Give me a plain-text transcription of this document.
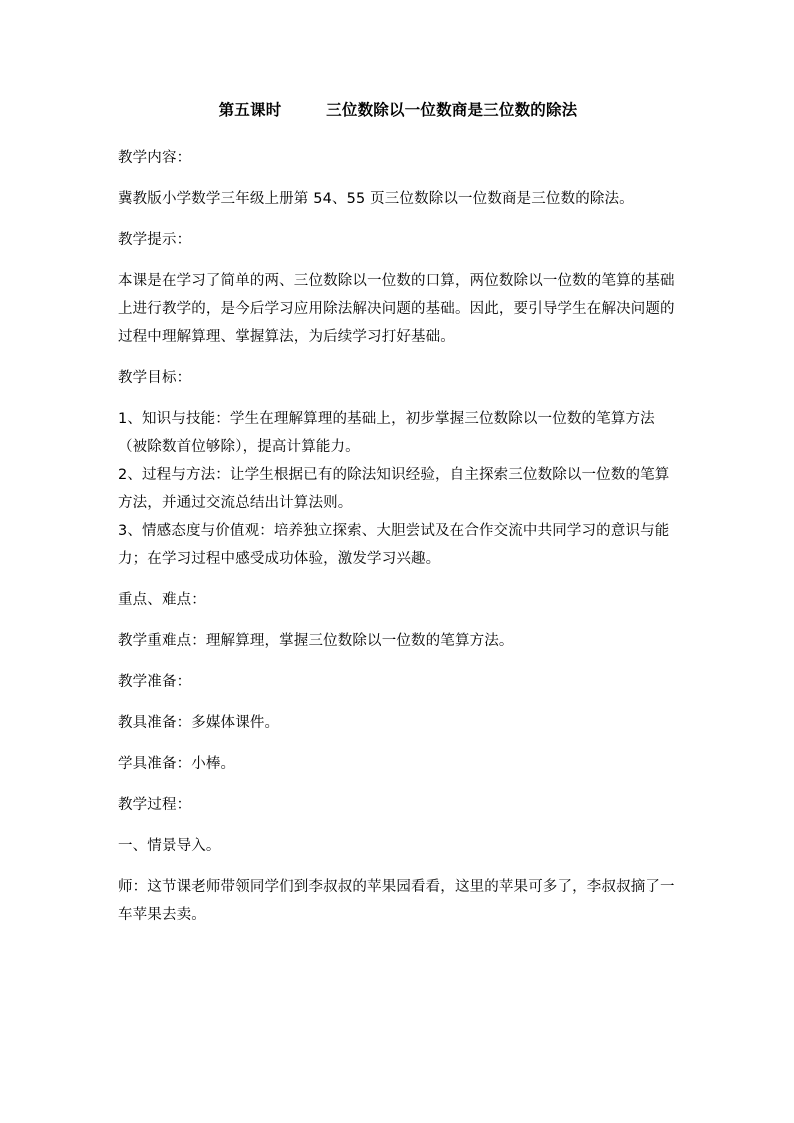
第五课时        三位数除以一位数商是三位数的除法
教学内容：
冀教版小学数学三年级上册第 54、55 页三位数除以一位数商是三位数的除法。
教学提示：
本课是在学习了简单的两、三位数除以一位数的口算，两位数除以一位数的笔算的基础上进行教学的，是今后学习应用除法解决问题的基础。因此，要引导学生在解决问题的过程中理解算理、掌握算法，为后续学习打好基础。
教学目标：
1、知识与技能：学生在理解算理的基础上，初步掌握三位数除以一位数的笔算方法（被除数首位够除），提高计算能力。
2、过程与方法：让学生根据已有的除法知识经验，自主探索三位数除以一位数的笔算方法，并通过交流总结出计算法则。
3、情感态度与价值观：培养独立探索、大胆尝试及在合作交流中共同学习的意识与能力；在学习过程中感受成功体验，激发学习兴趣。
重点、难点：
教学重难点：理解算理，掌握三位数除以一位数的笔算方法。
教学准备：
教具准备：多媒体课件。
学具准备：小棒。
教学过程：
一、情景导入。
师：这节课老师带领同学们到李叔叔的苹果园看看，这里的苹果可多了，李叔叔摘了一车苹果去卖。
